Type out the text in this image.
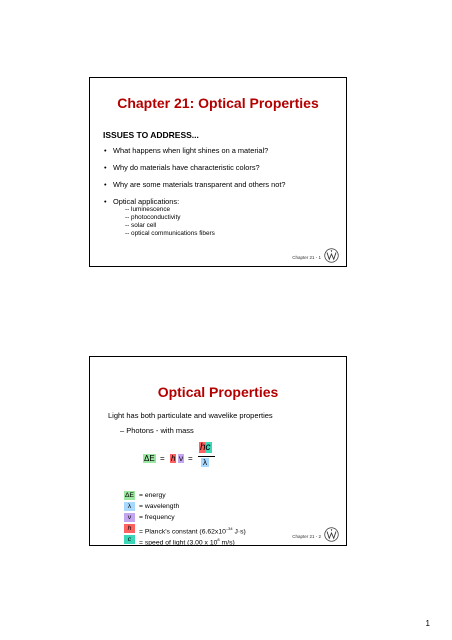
Chapter 21: Optical Properties
ISSUES TO ADDRESS...
• What happens when light shines on a material?
• Why do materials have characteristic colors?
• Why are some materials transparent and others not?
• Optical applications:
-- luminescence
-- photoconductivity
-- solar cell
-- optical communications fibers
Chapter 21 - 1
Optical Properties
Light has both particulate and wavelike properties
– Photons - with mass
ΔE = h ν =
hc
λ
ΔE = energy
λ = wavelength
ν = frequency
h = Planck's constant ($6.62x10^{-34}$ J·s)
c = speed of light (3.00 x $10^8$ m/s)
Chapter 21 - 2
1
